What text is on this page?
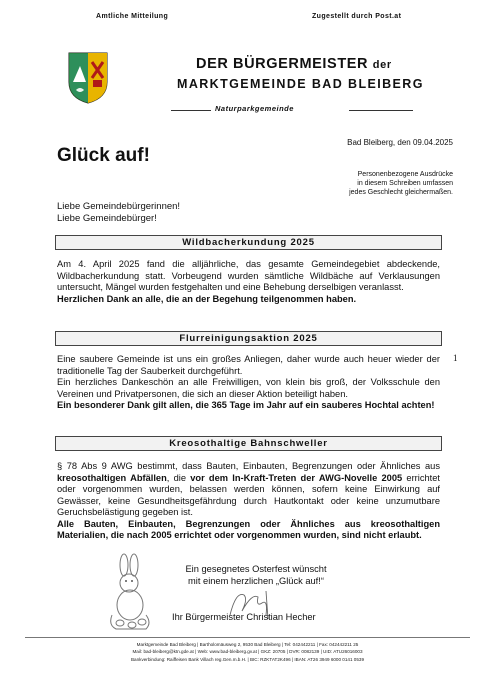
Amtliche Mitteilung	Zugestellt durch Post.at
DER BÜRGERMEISTER der
MARKTGEMEINDE BAD BLEIBERG
Naturparkgemeinde
Bad Bleiberg, den 09.04.2025
Glück auf!
Personenbezogene Ausdrücke
in diesem Schreiben umfassen
jedes Geschlecht gleichermaßen.
Liebe Gemeindebürgerinnen!
Liebe Gemeindebürger!
Wildbacherkundung 2025

Am 4. April 2025 fand die alljährliche, das gesamte Gemeindegebiet abdeckende, Wildbacherkundung statt. Vorbeugend wurden sämtliche Wildbäche auf Verklausungen untersucht, Mängel wurden festgehalten und eine Behebung derselbigen veranlasst.

Herzlichen Dank an alle, die an der Begehung teilgenommen haben.

Flurreinigungsaktion 2025

Eine saubere Gemeinde ist uns ein großes Anliegen, daher wurde auch heuer wieder der traditionelle Tag der Sauberkeit durchgeführt.

Ein herzliches Dankeschön an alle Freiwilligen, von klein bis groß, der Volksschule den Vereinen und Privatpersonen, die sich an dieser Aktion beteiligt haben.

Ein besonderer Dank gilt allen, die 365 Tage im Jahr auf ein sauberes Hochtal achten!

1
Kreosothaltige Bahnschweller

§ 78 Abs 9 AWG bestimmt, dass Bauten, Einbauten, Begrenzungen oder Ähnliches aus kreosothaltigen Abfällen, die vor dem In-Kraft-Treten der AWG-Novelle 2005 errichtet oder vorgenommen wurden, belassen werden können, sofern keine Einwirkung auf Gewässer, keine Gesundheitsgefährdung durch Hautkontakt oder keine unzumutbare Geruchsbelästigung gegeben ist.

Alle Bauten, Einbauten, Begrenzungen oder Ähnliches aus kreosothaltigen Materialien, die nach 2005 errichtet oder vorgenommen wurden, sind nicht erlaubt.

Ein gesegnetes Osterfest wünscht
mit einem herzlichen „Glück auf!“
Ihr Bürgermeister Christian Hecher
Marktgemeinde Bad Bleiberg | Bartholomäusweg 2, 9530 Bad Bleiberg | Tel: 042442211 | Fax: 042442211 25
Mail: bad-bleiberg@ktn.gde.at | Web: www.bad-bleiberg.gv.at | GKZ: 20705 | DVR: 0082139 | UID: ATU26016003
Bankverbindung: Raiffeisen Bank Villach reg.Gen.m.b.H. | BIC: RZKTAT2K496 | IBAN: AT26 3949 6000 0141 0539
